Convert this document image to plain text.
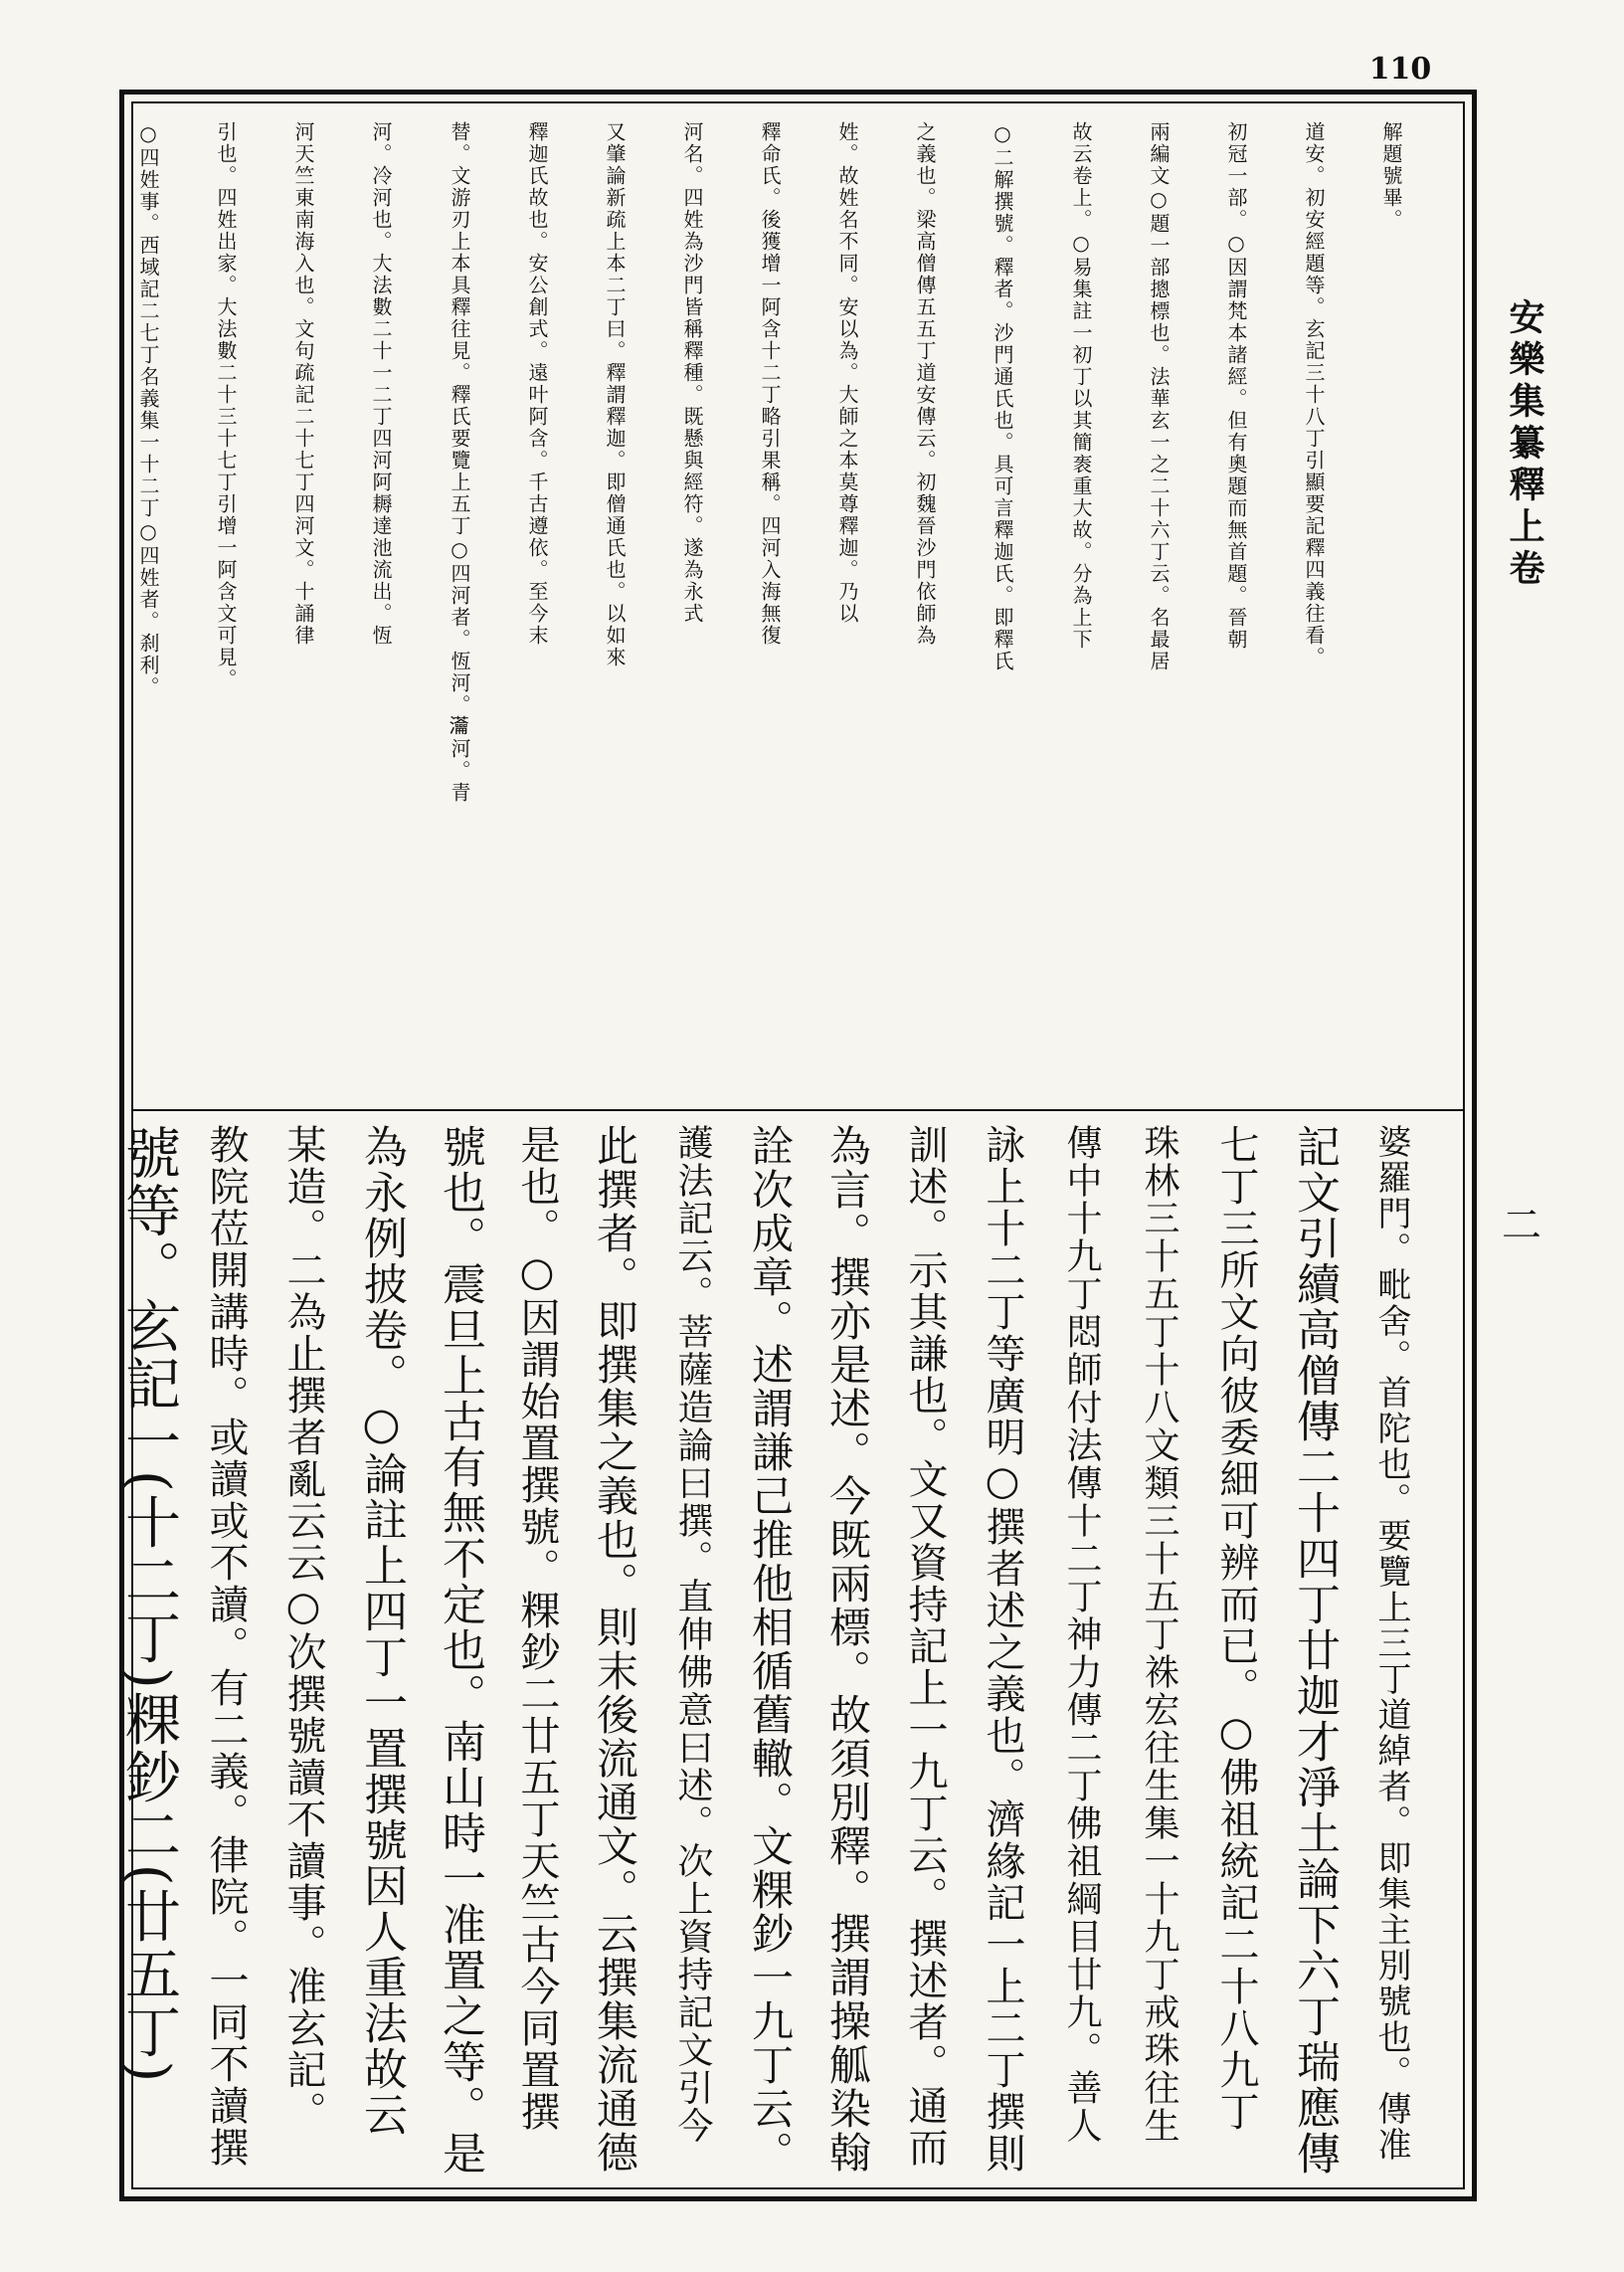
110
安樂集纂釋上卷
二
解題號畢。
道安。初安經題等。玄記三十八丁引顯要記釋四義往看。
初冠一部。○因謂梵本諸經。但有奧題而無首題。晉朝
兩編文○題一部摠標也。法華玄一之二十六丁云。名最居
故云卷上。○易集註一初丁以其簡袠重大故。分為上下
○二解撰號。釋者。沙門通氏也。具可言釋迦氏。即釋氏
之義也。梁高僧傳五五丁道安傳云。初魏晉沙門依師為
姓。故姓名不同。安以為。大師之本莫尊釋迦。乃以
釋命氏。後獲增一阿含十二丁略引果稱。四河入海無復
河名。四姓為沙門皆稱釋種。既懸與經符。遂為永式
又肇論新疏上本二丁曰。釋謂釋迦。即僧通氏也。以如來
釋迦氏故也。安公創式。遠叶阿含。千古遵依。至今末
替。文游刃上本具釋往見。釋氏要覽上五丁○四河者。恆河。𤅢河。青
河。冷河也。大法數二十一二丁四河阿耨達池流出。恆
河天竺東南海入也。文句疏記二十七丁四河文。十誦律
引也。四姓出家。大法數二十三十七丁引增一阿含文可見。
○四姓事。西域記二七丁名義集一十二丁○四姓者。刹利。
婆羅門。毗舍。首陀也。要覽上三丁道綽者。即集主別號也。傳准
記文引續高僧傳二十四丁廿迦才淨土論下六丁瑞應傳
七丁三所文向彼委細可辨而已。○佛祖統記二十八九丁
珠林三十五丁十八文類三十五丁袾宏往生集一十九丁戒珠往生
傳中十九丁悶師付法傳十二丁神力傳二丁佛祖綱目廿九。善人
詠上十二丁等廣明○撰者述之義也。濟緣記一上二丁撰則
訓述。示其謙也。文又資持記上一九丁云。撰述者。通而
為言。撰亦是述。今既兩標。故須別釋。撰謂操觚染翰
詮次成章。述謂謙己推他相循舊轍。文粿鈔一九丁云。
護法記云。菩薩造論曰撰。直伸佛意曰述。次上資持記文引今
此撰者。即撰集之義也。則末後流通文。云撰集流通德
是也。○因謂始置撰號。粿鈔二廿五丁天竺古今同置撰
號也。震旦上古有無不定也。南山時一准置之等。是
為永例披卷。○論註上四丁一置撰號因人重法故云
某造。二為止撰者亂云云○次撰號讀不讀事。准玄記。
教院莅開講時。或讀或不讀。有二義。律院。一同不讀撰
號等。玄記一(十二丁)粿鈔二(廿五丁)
